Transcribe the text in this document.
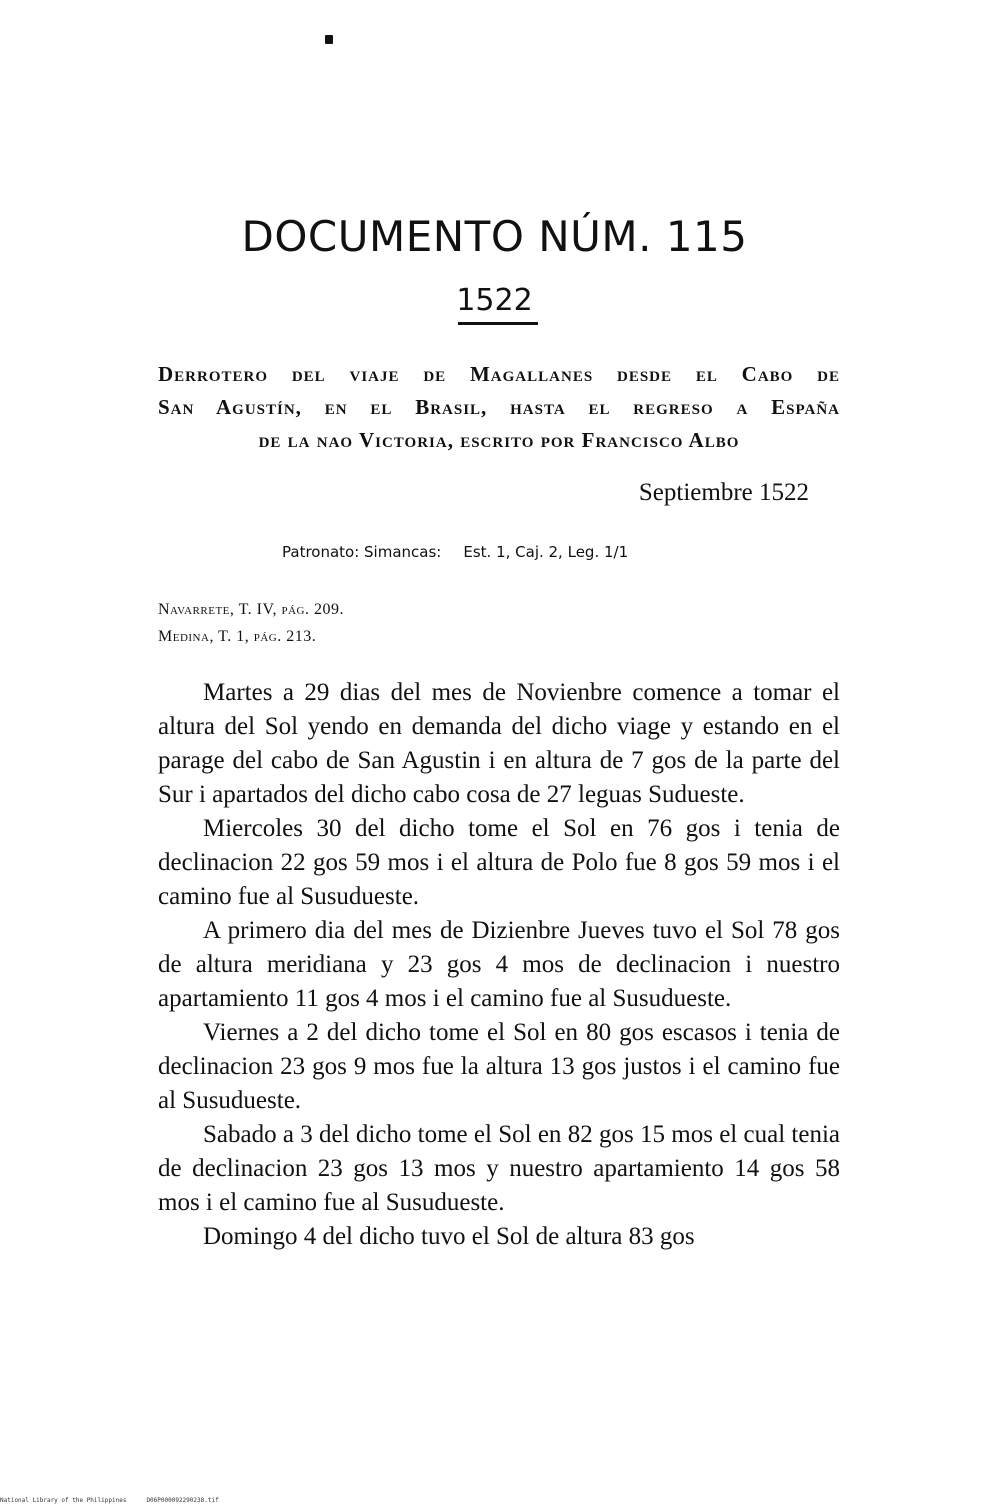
DOCUMENTO NÚM. 115
1522
Derrotero del viaje de Magallanes desde el Cabo de
San Agustín, en el Brasil, hasta el regreso a España
de la nao Victoria, escrito por Francisco Albo
Septiembre 1522
Patronato: Simancas: Est. 1, Caj. 2, Leg. 1/1
Navarrete, T. IV, pág. 209.
Medina, T. 1, pág. 213.

Martes a 29 dias del mes de Novienbre comence a tomar el altura del Sol yendo en demanda del dicho viage y estando en el parage del cabo de San Agustin i en altura de 7 gos de la parte del Sur i apartados del dicho cabo cosa de 27 leguas Sudueste.

Miercoles 30 del dicho tome el Sol en 76 gos i tenia de declinacion 22 gos 59 mos i el altura de Polo fue 8 gos 59 mos i el camino fue al Susudueste.

A primero dia del mes de Dizienbre Jueves tuvo el Sol 78 gos de altura meridiana y 23 gos 4 mos de declinacion i nuestro apartamiento 11 gos 4 mos i el camino fue al Susudueste.

Viernes a 2 del dicho tome el Sol en 80 gos escasos i tenia de declinacion 23 gos 9 mos fue la altura 13 gos justos i el camino fue al Susudueste.

Sabado a 3 del dicho tome el Sol en 82 gos 15 mos el cual tenia de declinacion 23 gos 13 mos y nuestro apartamiento 14 gos 58 mos i el camino fue al Susudueste.

Domingo 4 del dicho tuvo el Sol de altura 83 gos

National Library of the Philippines	D06P000092290238.tif
